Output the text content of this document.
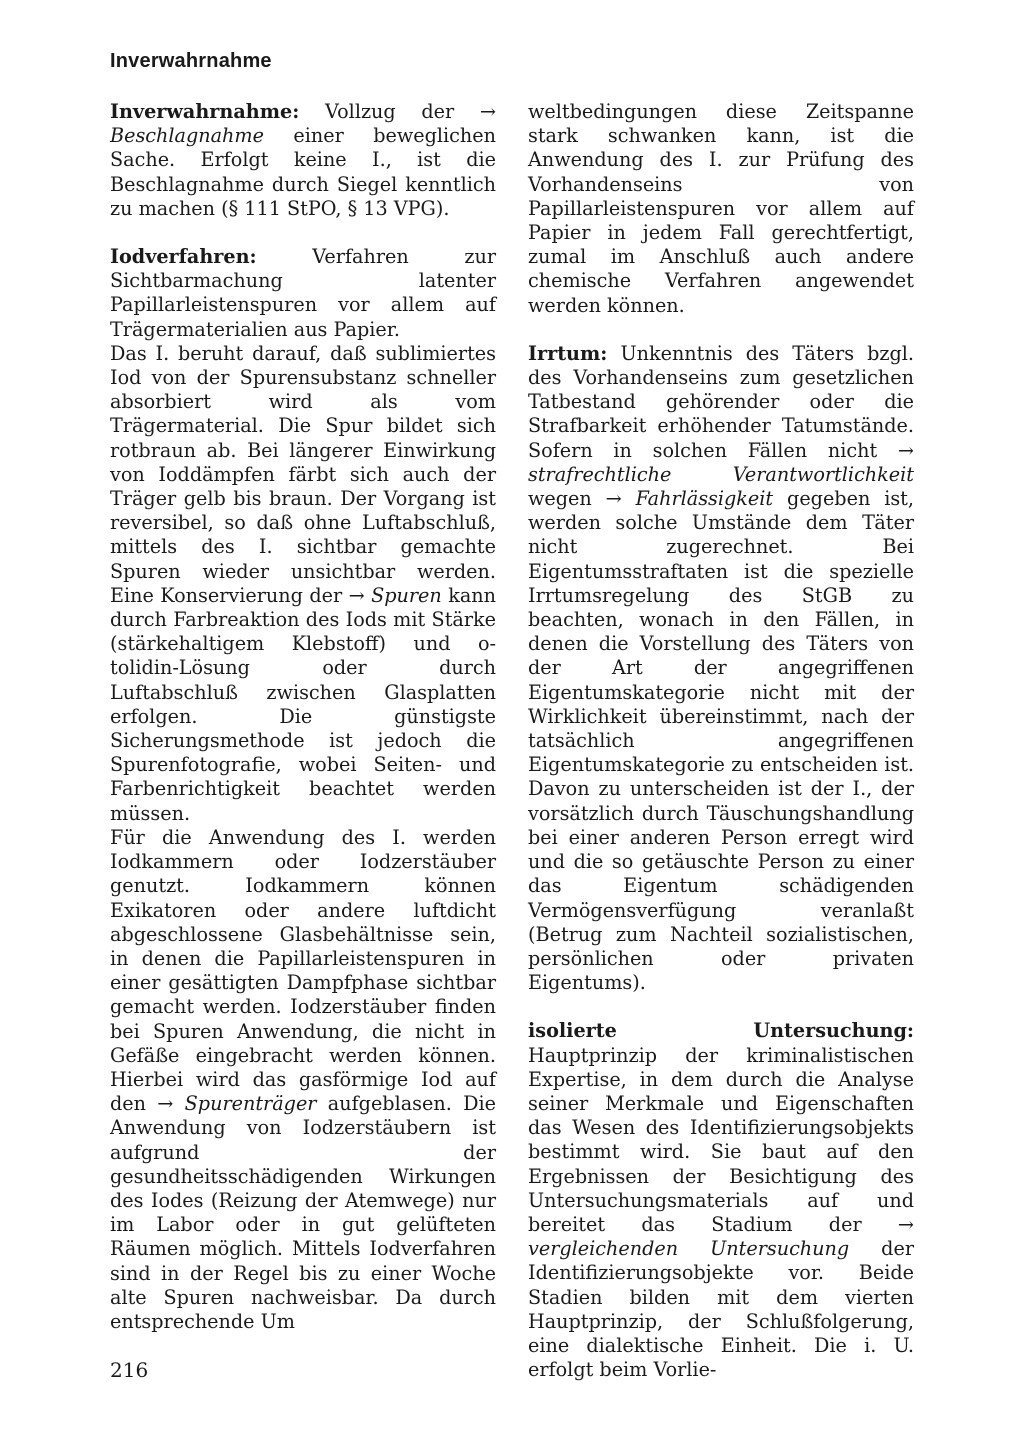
Inverwahrnahme

Inverwahrnahme: Vollzug der → Beschlagnahme einer beweglichen Sache. Erfolgt keine I., ist die Beschlagnahme durch Siegel kenntlich zu machen (§ 111 StPO, § 13 VPG).

Iodverfahren: Verfahren zur Sichtbarmachung latenter Papillarleistenspuren vor allem auf Trägermaterialien aus Papier.

Das I. beruht darauf, daß sublimiertes Iod von der Spurensubstanz schneller absorbiert wird als vom Trägermaterial. Die Spur bildet sich rotbraun ab. Bei längerer Einwirkung von Ioddämpfen färbt sich auch der Träger gelb bis braun. Der Vorgang ist reversibel, so daß ohne Luftabschluß, mittels des I. sichtbar gemachte Spuren wieder unsichtbar werden. Eine Konservierung der → Spuren kann durch Farbreaktion des Iods mit Stärke (stärkehaltigem Klebstoff) und o-tolidin-Lösung oder durch Luftabschluß zwischen Glasplatten erfolgen. Die günstigste Sicherungsmethode ist jedoch die Spurenfotografie, wobei Seiten- und Farbenrichtigkeit beachtet werden müssen.

Für die Anwendung des I. werden Iodkammern oder Iodzerstäuber genutzt. Iodkammern können Exikatoren oder andere luftdicht abgeschlossene Glasbehältnisse sein, in denen die Papillarleistenspuren in einer gesättigten Dampfphase sichtbar gemacht werden. Iodzerstäuber finden bei Spuren Anwendung, die nicht in Gefäße eingebracht werden können. Hierbei wird das gasförmige Iod auf den → Spurenträger aufgeblasen. Die Anwendung von Iodzerstäubern ist aufgrund der gesundheitsschädigenden Wirkungen des Iodes (Reizung der Atemwege) nur im Labor oder in gut gelüfteten Räumen möglich. Mittels Iodverfahren sind in der Regel bis zu einer Woche alte Spuren nachweisbar. Da durch entsprechende Um

weltbedingungen diese Zeitspanne stark schwanken kann, ist die Anwendung des I. zur Prüfung des Vorhandenseins von Papillarleistenspuren vor allem auf Papier in jedem Fall gerechtfertigt, zumal im Anschluß auch andere chemische Verfahren angewendet werden können.

Irrtum: Unkenntnis des Täters bzgl. des Vorhandenseins zum gesetzlichen Tatbestand gehörender oder die Strafbarkeit erhöhender Tatumstände. Sofern in solchen Fällen nicht → strafrechtliche Verantwortlichkeit wegen → Fahrlässigkeit gegeben ist, werden solche Umstände dem Täter nicht zugerechnet. Bei Eigentumsstraftaten ist die spezielle Irrtumsregelung des StGB zu beachten, wonach in den Fällen, in denen die Vorstellung des Täters von der Art der angegriffenen Eigentumskategorie nicht mit der Wirklichkeit übereinstimmt, nach der tatsächlich angegriffenen Eigentumskategorie zu entscheiden ist. Davon zu unterscheiden ist der I., der vorsätzlich durch Täuschungshandlung bei einer anderen Person erregt wird und die so getäuschte Person zu einer das Eigentum schädigenden Vermögensverfügung veranlaßt (Betrug zum Nachteil sozialistischen, persönlichen oder privaten Eigentums).

isolierte Untersuchung: Hauptprinzip der kriminalistischen Expertise, in dem durch die Analyse seiner Merkmale und Eigenschaften das Wesen des Identifizierungsobjekts bestimmt wird. Sie baut auf den Ergebnissen der Besichtigung des Untersuchungsmaterials auf und bereitet das Stadium der → vergleichenden Untersuchung der Identifizierungsobjekte vor. Beide Stadien bilden mit dem vierten Hauptprinzip, der Schlußfolgerung, eine dialektische Einheit. Die i. U. erfolgt beim Vorlie-

216
